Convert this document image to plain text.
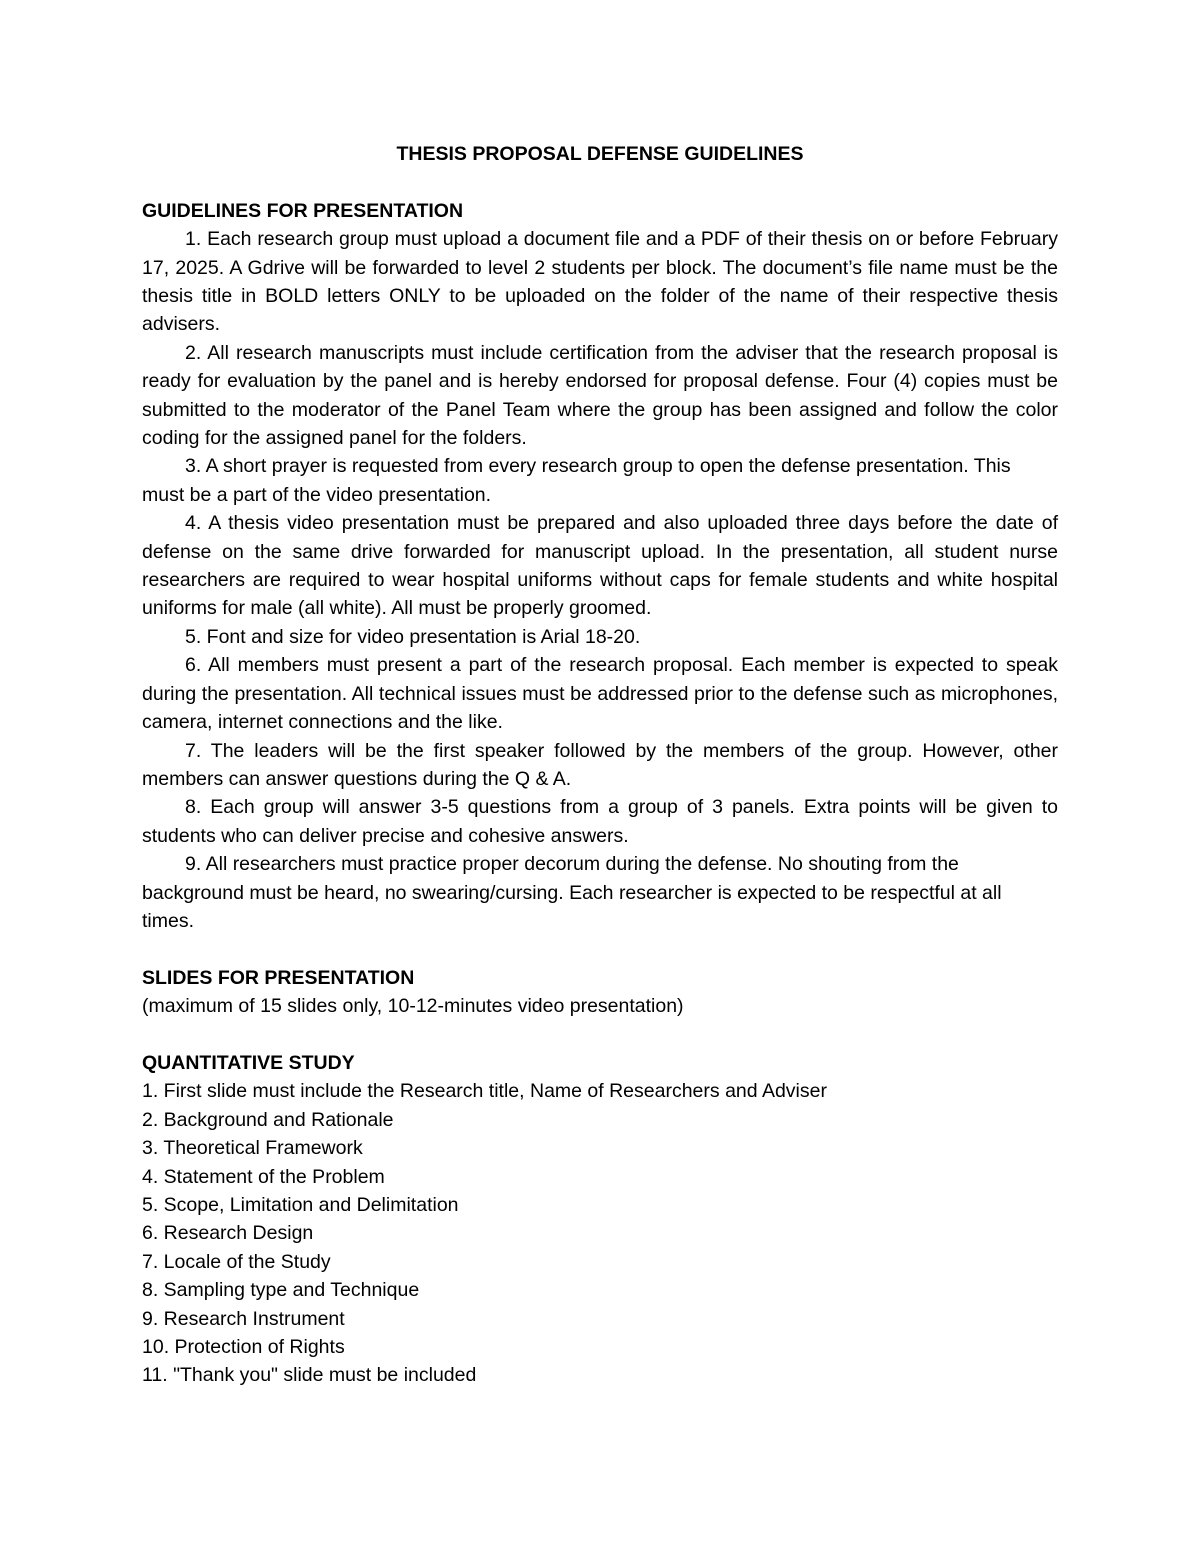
THESIS PROPOSAL DEFENSE GUIDELINES

GUIDELINES FOR PRESENTATION

1. Each research group must upload a document file and a PDF of their thesis on or before February 17, 2025. A Gdrive will be forwarded to level 2 students per block. The document’s file name must be the thesis title in BOLD letters ONLY to be uploaded on the folder of the name of their respective thesis advisers.

2. All research manuscripts must include certification from the adviser that the research proposal is ready for evaluation by the panel and is hereby endorsed for proposal defense. Four (4) copies must be submitted to the moderator of the Panel Team where the group has been assigned and follow the color coding for the assigned panel for the folders.

3. A short prayer is requested from every research group to open the defense presentation. This must be a part of the video presentation.

4. A thesis video presentation must be prepared and also uploaded three days before the date of defense on the same drive forwarded for manuscript upload. In the presentation, all student nurse researchers are required to wear hospital uniforms without caps for female students and white hospital uniforms for male (all white). All must be properly groomed.

5. Font and size for video presentation is Arial 18-20.

6. All members must present a part of the research proposal. Each member is expected to speak during the presentation. All technical issues must be addressed prior to the defense such as microphones, camera, internet connections and the like.

7. The leaders will be the first speaker followed by the members of the group. However, other members can answer questions during the Q & A.

8. Each group will answer 3-5 questions from a group of 3 panels. Extra points will be given to students who can deliver precise and cohesive answers.

9. All researchers must practice proper decorum during the defense. No shouting from the background must be heard, no swearing/cursing. Each researcher is expected to be respectful at all times.

SLIDES FOR PRESENTATION

(maximum of 15 slides only, 10-12-minutes video presentation)

QUANTITATIVE STUDY

1. First slide must include the Research title, Name of Researchers and Adviser
2. Background and Rationale
3. Theoretical Framework
4. Statement of the Problem
5. Scope, Limitation and Delimitation
6. Research Design
7. Locale of the Study
8. Sampling type and Technique
9. Research Instrument
10. Protection of Rights
11. "Thank you" slide must be included
